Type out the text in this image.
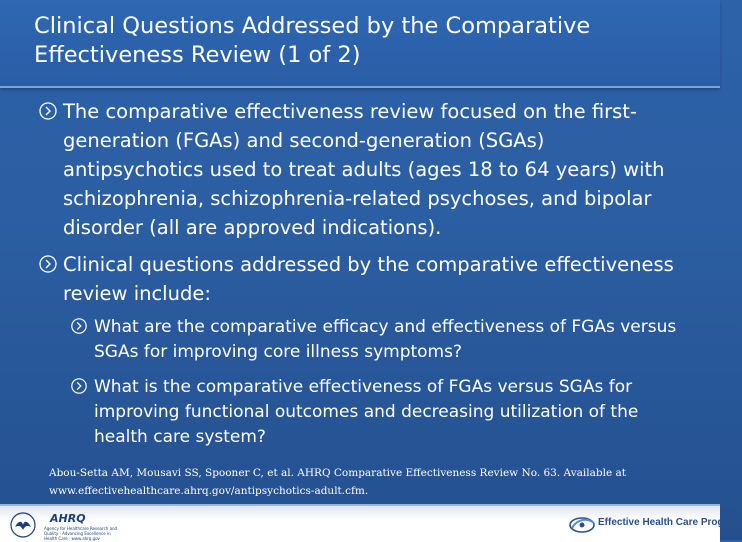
Clinical Questions Addressed by the Comparative Effectiveness Review (1 of 2)
The comparative effectiveness review focused on the first-generation (FGAs) and second-generation (SGAs) antipsychotics used to treat adults (ages 18 to 64 years) with schizophrenia, schizophrenia-related psychoses, and bipolar disorder (all are approved indications).
Clinical questions addressed by the comparative effectiveness review include:
What are the comparative efficacy and effectiveness of FGAs versus SGAs for improving core illness symptoms?
What is the comparative effectiveness of FGAs versus SGAs for improving functional outcomes and decreasing utilization of the health care system?
Abou-Setta AM, Mousavi SS, Spooner C, et al. AHRQ Comparative Effectiveness Review No. 63. Available at
www.effectivehealthcare.ahrq.gov/antipsychotics-adult.cfm.
AHRQ
Agency for Healthcare Research and Quality · Advancing Excellence in Health Care · www.ahrq.gov
Effective Health Care Program
